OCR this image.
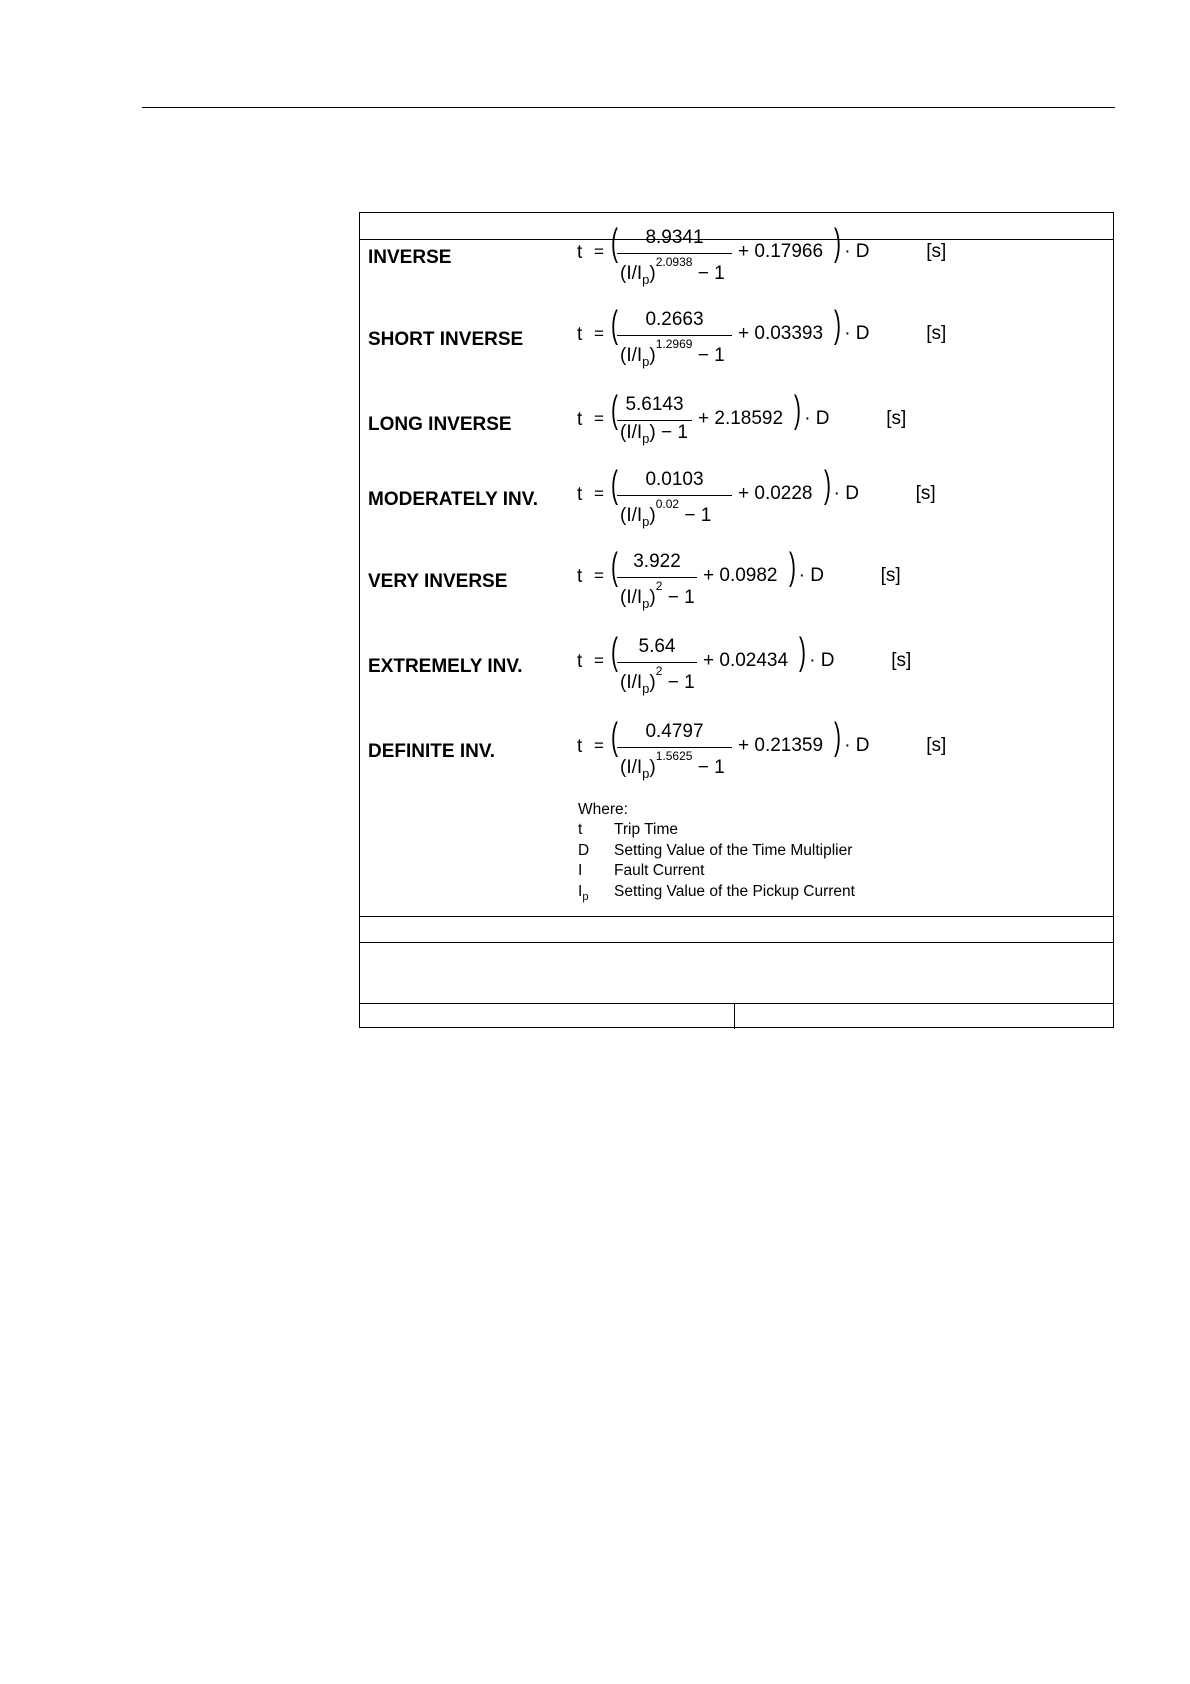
INVERSE	t = (	8.9341
$(I/I_p)^{2.0938} - 1$
+ 0.17966 ) · D	[s]
SHORT INVERSE	t = (	0.2663
$(I/I_p)^{1.2969} - 1$
+ 0.03393 ) · D	[s]
LONG INVERSE	t = ( 5.6143
$(I/I_p) - 1$
+ 2.18592 ) · D	[s]
MODERATELY INV. t = (	0.0103
$(I/I_p)^{0.02} - 1$
+ 0.0228 ) · D	[s]
VERY INVERSE	t = ( 3.922
$(I/I_p)^2 - 1$
+ 0.0982 ) · D	[s]
EXTREMELY INV.	t = (	5.64
$(I/I_p)^2 - 1$
+ 0.02434 ) · D	[s]
DEFINITE INV.	t = (	0.4797
$(I/I_p)^{1.5625} - 1$
+ 0.21359 ) · D	[s]
Where:
t Trip Time
D Setting Value of the Time Multiplier
I Fault Current
$I_p$ Setting Value of the Pickup Current
